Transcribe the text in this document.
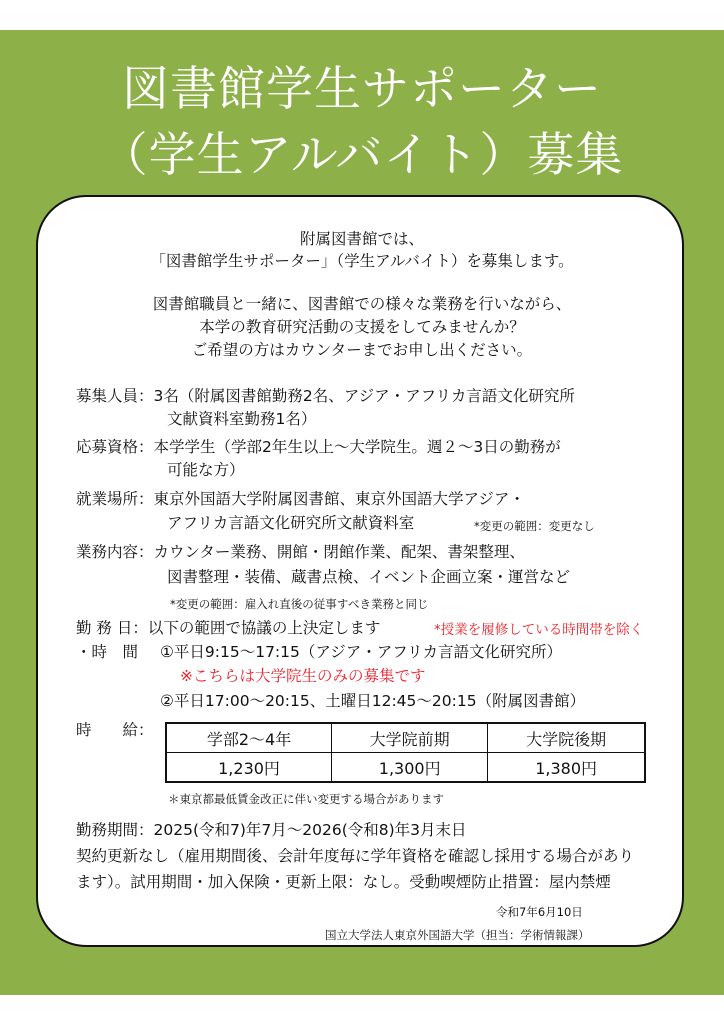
図書館学生サポーター
（学生アルバイト）募集
附属図書館では、
「図書館学生サポーター」（学生アルバイト）を募集します。
図書館職員と一緒に、図書館での様々な業務を行いながら、
本学の教育研究活動の支援をしてみませんか？
ご希望の方はカウンターまでお申し出ください。
募集人員：3名（附属図書館勤務2名、アジア・アフリカ言語文化研究所
文献資料室勤務1名）
応募資格：本学学生（学部2年生以上～大学院生。週２～3日の勤務が
可能な方）
就業場所：東京外国語大学附属図書館、東京外国語大学アジア・
アフリカ言語文化研究所文献資料室	*変更の範囲：変更なし
業務内容：カウンター業務、開館・閉館作業、配架、書架整理、
図書整理・装備、蔵書点検、イベント企画立案・運営など
*変更の範囲：雇入れ直後の従事すべき業務と同じ
勤 務 日：以下の範囲で協議の上決定します	*授業を履修している時間帯を除く
・時　間 ①平日9:15～17:15（アジア・アフリカ言語文化研究所）
※こちらは大学院生のみの募集です
②平日17:00～20:15、土曜日12:45～20:15（附属図書館）
時　　給：	学部2～4年	大学院前期	大学院後期
1,230円	1,300円	1,380円
＊東京都最低賃金改正に伴い変更する場合があります
勤務期間：2025(令和7)年7月～2026(令和8)年3月末日
契約更新なし（雇用期間後、会計年度毎に学年資格を確認し採用する場合があり
ます）。試用期間・加入保険・更新上限：なし。受動喫煙防止措置：屋内禁煙
令和7年6月10日
国立大学法人東京外国語大学（担当：学術情報課）
